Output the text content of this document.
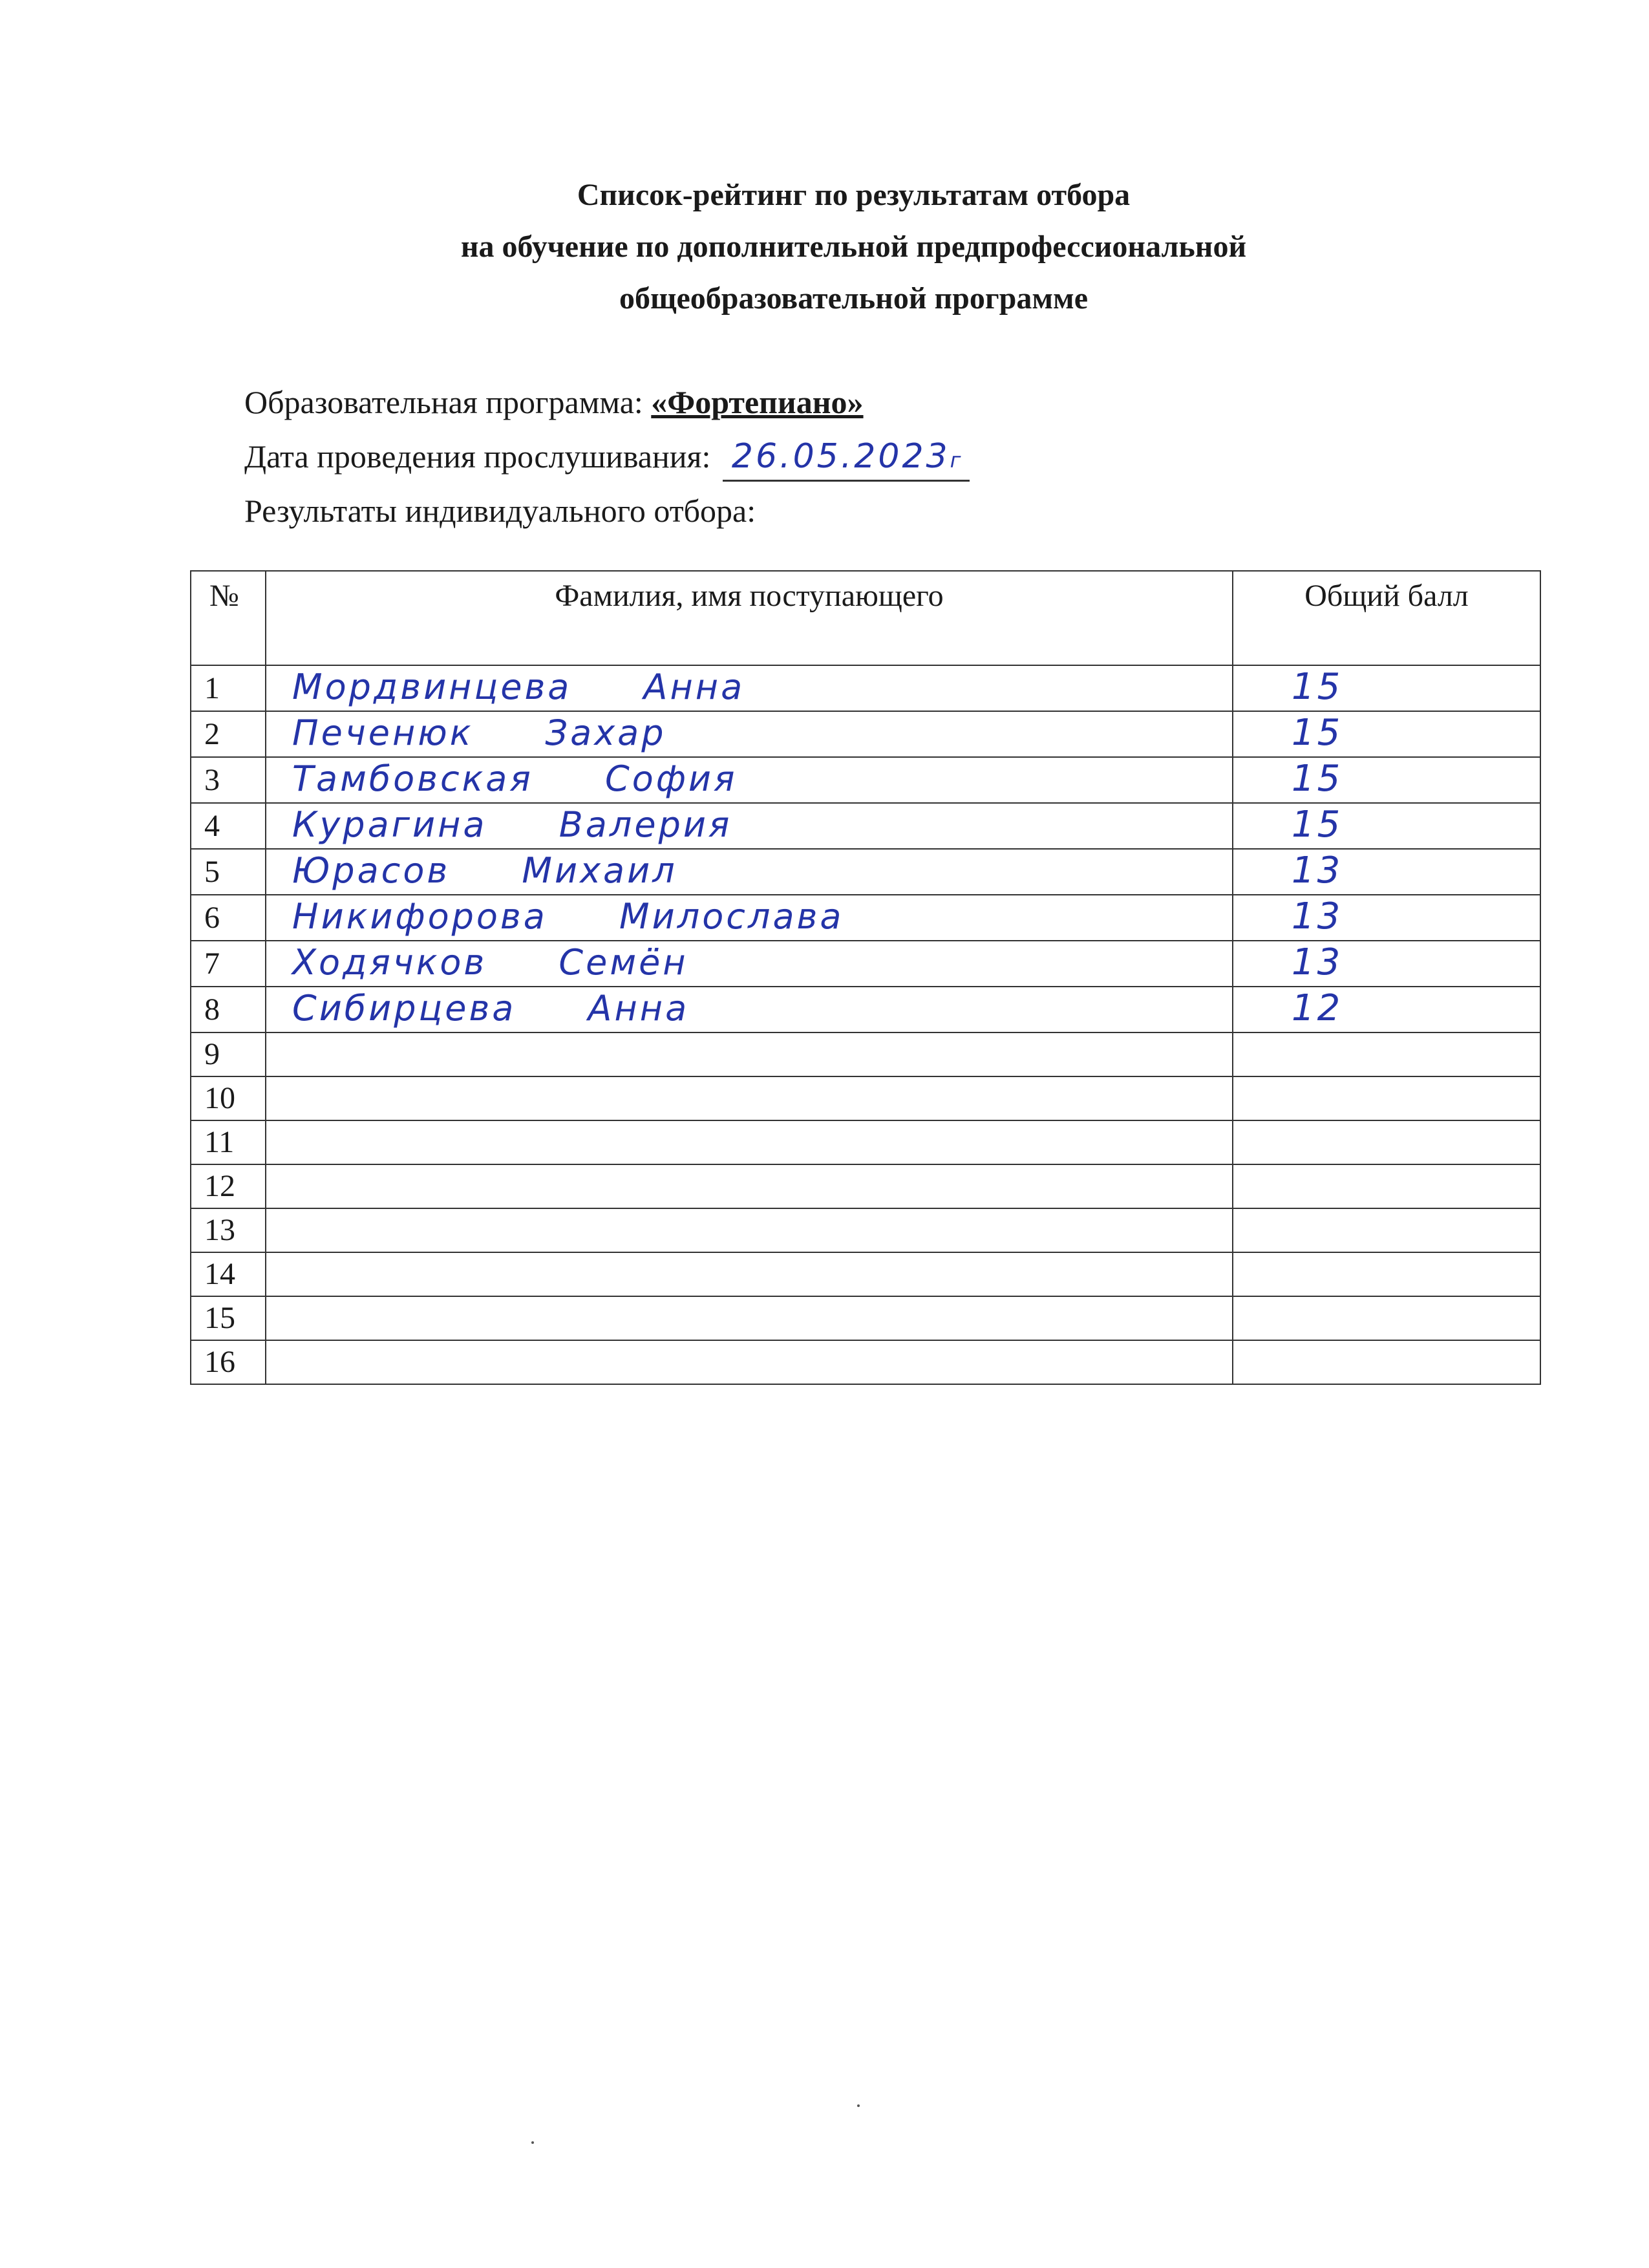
Список-рейтинг по результатам отбора
на обучение по дополнительной предпрофессиональной
общеобразовательной программе
Образовательная программа: «Фортепиано»
Дата проведения прослушивания: 26.05.2023г
Результаты индивидуального отбора:
№	Фамилия, имя поступающего	Общий балл
1	Мордвинцева Анна	15
2	Печенюк Захар	15
3	Тамбовская София	15
4	Курагина Валерия	15
5	Юрасов Михаил	13
6	Никифорова Милослава	13
7	Ходячков Семён	13
8	Сибирцева Анна	12
9		
10		
11		
12		
13		
14		
15		
16		
